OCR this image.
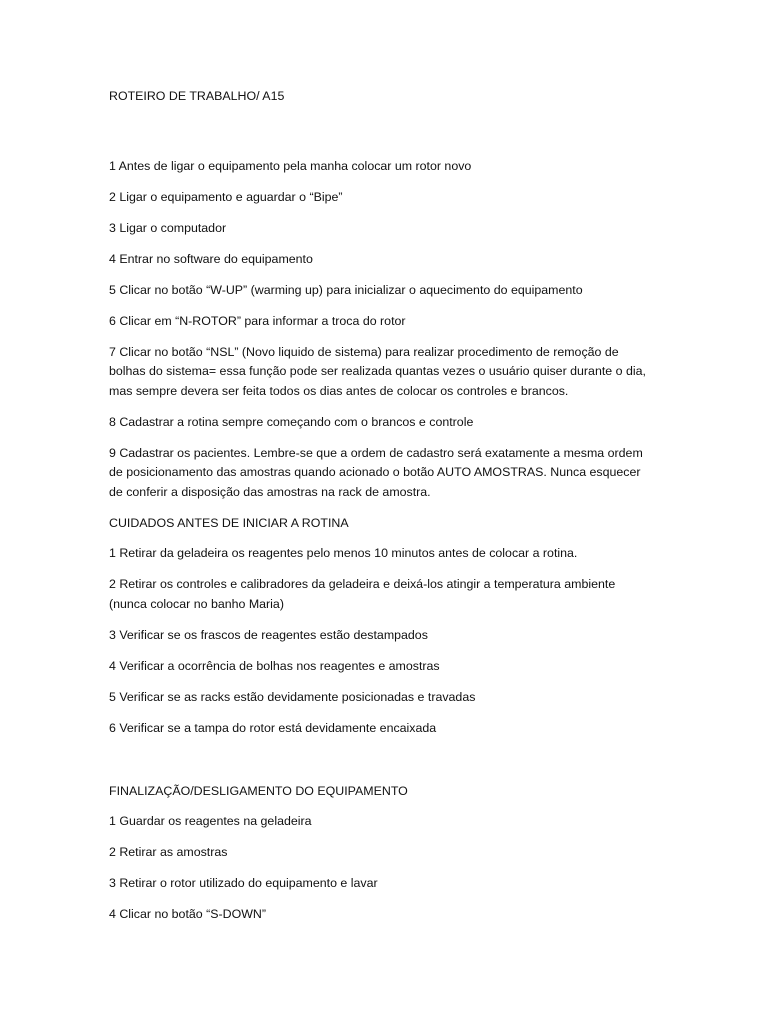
ROTEIRO DE TRABALHO/ A15

1 Antes de ligar o equipamento pela manha colocar um rotor novo

2 Ligar o equipamento e aguardar o “Bipe”

3 Ligar o computador

4 Entrar no software do equipamento

5 Clicar no botão “W-UP” (warming up) para inicializar o aquecimento do equipamento

6 Clicar em “N-ROTOR” para informar a troca do rotor

7 Clicar no botão “NSL” (Novo liquido de sistema) para realizar procedimento de remoção de bolhas do sistema= essa função pode ser realizada quantas vezes o usuário quiser durante o dia, mas sempre devera ser feita todos os dias antes de colocar os controles e brancos.

8 Cadastrar a rotina sempre começando com o brancos e controle

9 Cadastrar os pacientes. Lembre-se que a ordem de cadastro será exatamente a mesma ordem de posicionamento das amostras quando acionado o botão AUTO AMOSTRAS. Nunca esquecer de conferir a disposição das amostras na rack de amostra.

CUIDADOS ANTES DE INICIAR A ROTINA

1 Retirar da geladeira os reagentes pelo menos 10 minutos antes de colocar a rotina.

2 Retirar os controles e calibradores da geladeira e deixá-los atingir a temperatura ambiente (nunca colocar no banho Maria)

3 Verificar se os frascos de reagentes estão destampados

4 Verificar a ocorrência de bolhas nos reagentes e amostras

5 Verificar se as racks estão devidamente posicionadas e travadas

6 Verificar se a tampa do rotor está devidamente encaixada

FINALIZAÇÃO/DESLIGAMENTO DO EQUIPAMENTO

1 Guardar os reagentes na geladeira

2 Retirar as amostras

3 Retirar o rotor utilizado do equipamento e lavar

4 Clicar no botão “S-DOWN”
